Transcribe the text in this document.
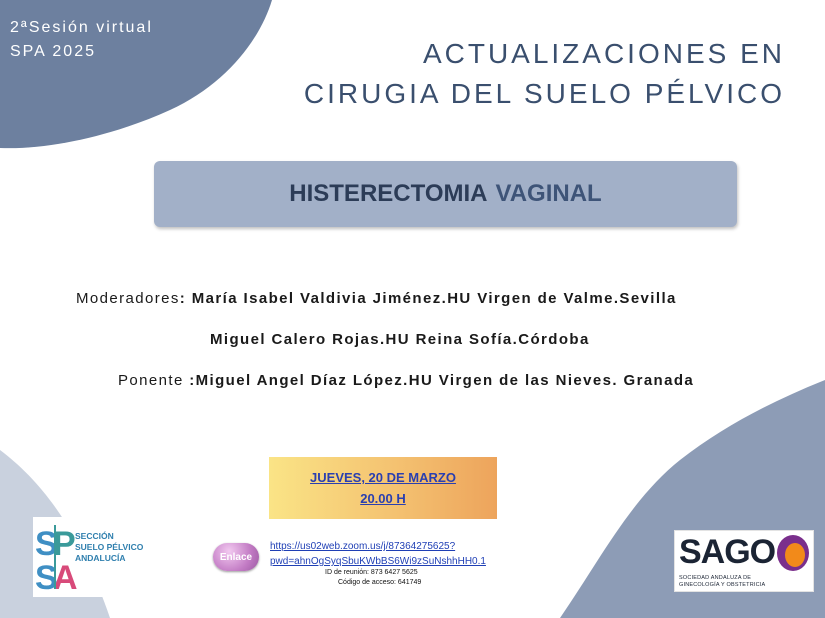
2ªSesión virtual
SPA 2025	ACTUALIZACIONES EN
CIRUGIA DEL SUELO PÉLVICO
HISTERECTOMIA VAGINAL
Moderadores: María Isabel Valdivia Jiménez.HU Virgen de Valme.Sevilla
Miguel Calero Rojas.HU Reina Sofía.Córdoba
Ponente :Miguel Angel Díaz López.HU Virgen de las Nieves. Granada
JUEVES, 20 DE MARZO
20.00 H
S
P
S
A
SECCIÓN
SUELO PÉLVICO
ANDALUCÍA	Enlace
https://us02web.zoom.us/j/87364275625?
pwd=ahnOgSyqSbuKWbBS6Wi9zSuNshhHH0.1
ID de reunión: 873 6427 5625
Código de acceso: 641749
SAGO
SOCIEDAD ANDALUZA DE
GINECOLOGÍA Y OBSTETRICIA
